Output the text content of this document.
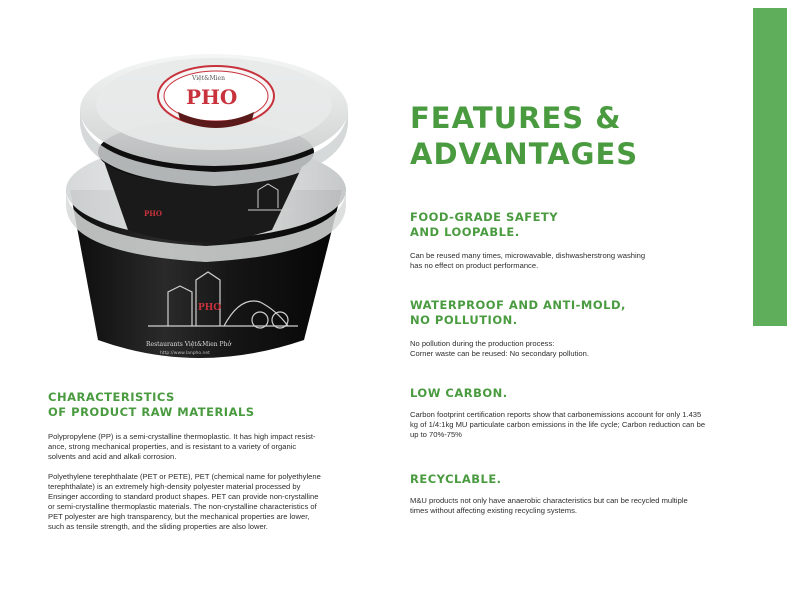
PHO
Restaurants Việt&Mien Phở
http://www.lanpho.net
PHO
PHO
Việt&Mien
FEATURES &
ADVANTAGES
FOOD-GRADE SAFETY
AND LOOPABLE.

Can be reused many times, microwavable, dishwasherstrong washing
has no effect on product performance.

WATERPROOF AND ANTI-MOLD,
NO POLLUTION.

No pollution during the production process:
Corner waste can be reused: No secondary pollution.

LOW CARBON.

Carbon footprint certification reports show that carbonemissions account for only 1.435
kg of 1/4:1kg MU particulate carbon emissions in the life cycle; Carbon reduction can be
up to 70%-75%

RECYCLABLE.

M&U products not only have anaerobic characteristics but can be recycled multiple
times without affecting existing recycling systems.

CHARACTERISTICS
OF PRODUCT RAW MATERIALS

Polypropylene (PP) is a semi-crystalline thermoplastic. It has high impact resist-
ance, strong mechanical properties, and is resistant to a variety of organic
solvents and acid and alkali corrosion.

Polyethylene terephthalate (PET or PETE), PET (chemical name for polyethylene
terephthalate) is an extremely high-density polyester material processed by
Ensinger according to standard product shapes. PET can provide non-crystalline
or semi-crystalline thermoplastic materials. The non-crystalline characteristics of
PET polyester are high transparency, but the mechanical properties are lower,
such as tensile strength, and the sliding properties are also lower.
